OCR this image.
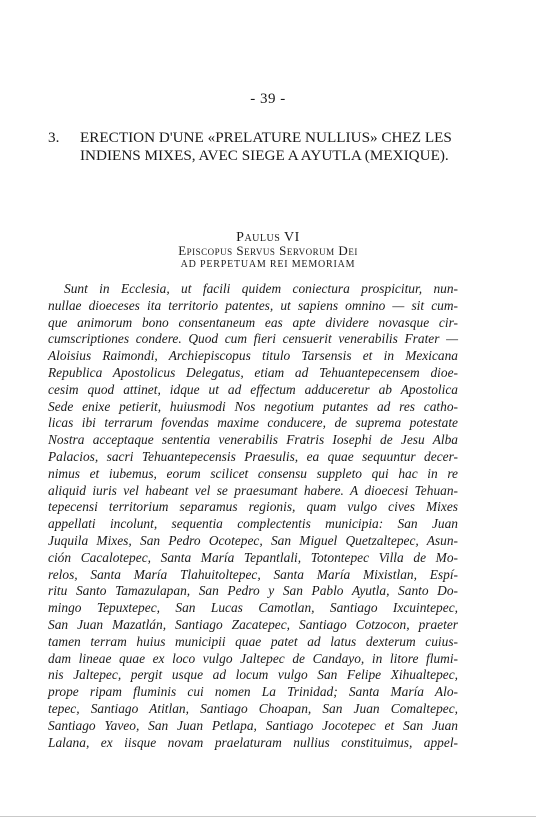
- 39 -
3. ERECTION D'UNE «PRELATURE NULLIUS» CHEZ LES
INDIENS MIXES, AVEC SIEGE A AYUTLA (MEXIQUE).
Paulus VI
Episcopus Servus Servorum Dei
AD PERPETUAM REI MEMORIAM
Sunt in Ecclesia, ut facili quidem coniectura prospicitur, nun-
nullae dioeceses ita territorio patentes, ut sapiens omnino — sit cum-
que animorum bono consentaneum eas apte dividere novasque cir-
cumscriptiones condere. Quod cum fieri censuerit venerabilis Frater —
Aloisius Raimondi, Archiepiscopus titulo Tarsensis et in Mexicana
Republica Apostolicus Delegatus, etiam ad Tehuantepecensem dioe-
cesim quod attinet, idque ut ad effectum adduceretur ab Apostolica
Sede enixe petierit, huiusmodi Nos negotium putantes ad res catho-
licas ibi terrarum fovendas maxime conducere, de suprema potestate
Nostra acceptaque sententia venerabilis Fratris Iosephi de Jesu Alba
Palacios, sacri Tehuantepecensis Praesulis, ea quae sequuntur decer-
nimus et iubemus, eorum scilicet consensu suppleto qui hac in re
aliquid iuris vel habeant vel se praesumant habere. A dioecesi Tehuan-
tepecensi territorium separamus regionis, quam vulgo cives Mixes
appellati incolunt, sequentia complectentis municipia: San Juan
Juquila Mixes, San Pedro Ocotepec, San Miguel Quetzaltepec, Asun-
ción Cacalotepec, Santa María Tepantlali, Totontepec Villa de Mo-
relos, Santa María Tlahuitoltepec, Santa María Mixistlan, Espí-
ritu Santo Tamazulapan, San Pedro y San Pablo Ayutla, Santo Do-
mingo Tepuxtepec, San Lucas Camotlan, Santiago Ixcuintepec,
San Juan Mazatlán, Santiago Zacatepec, Santiago Cotzocon, praeter
tamen terram huius municipii quae patet ad latus dexterum cuius-
dam lineae quae ex loco vulgo Jaltepec de Candayo, in litore flumi-
nis Jaltepec, pergit usque ad locum vulgo San Felipe Xihualtepec,
prope ripam fluminis cui nomen La Trinidad; Santa María Alo-
tepec, Santiago Atitlan, Santiago Choapan, San Juan Comaltepec,
Santiago Yaveo, San Juan Petlapa, Santiago Jocotepec et San Juan
Lalana, ex iisque novam praelaturam nullius constituimus, appel-
